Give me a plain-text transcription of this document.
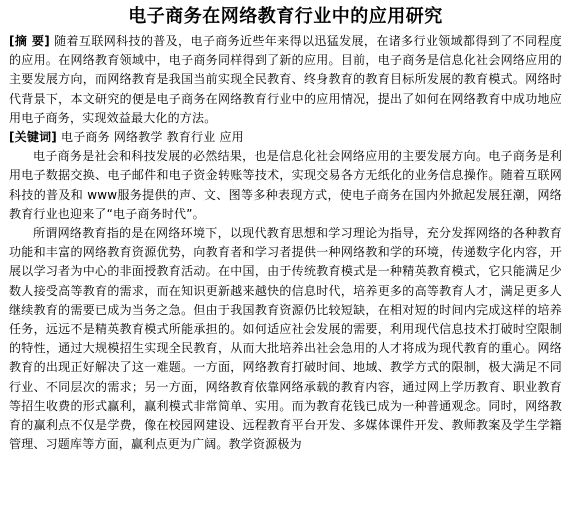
电子商务在网络教育行业中的应用研究

[摘 要] 随着互联网科技的普及，电子商务近些年来得以迅猛发展，在诸多行业领域都得到了不同程度的应用。在网络教育领域中，电子商务同样得到了新的应用。目前，电子商务是信息化社会网络应用的主要发展方向，而网络教育是我国当前实现全民教育、终身教育的教育目标所发展的教育模式。网络时代背景下，本文研究的便是电子商务在网络教育行业中的应用情况，提出了如何在网络教育中成功地应用电子商务，实现效益最大化的方法。

[关键词] 电子商务 网络教学 教育行业 应用

电子商务是社会和科技发展的必然结果，也是信息化社会网络应用的主要发展方向。电子商务是利用电子数据交换、电子邮件和电子资金转账等技术，实现交易各方无纸化的业务信息操作。随着互联网科技的普及和 www服务提供的声、文、图等多种表现方式，使电子商务在国内外掀起发展狂潮，网络教育行业也迎来了“电子商务时代”。

所谓网络教育指的是在网络环境下，以现代教育思想和学习理论为指导，充分发挥网络的各种教育功能和丰富的网络教育资源优势，向教育者和学习者提供一种网络教和学的环境，传递数字化内容，开展以学习者为中心的非面授教育活动。在中国，由于传统教育模式是一种精英教育模式，它只能满足少数人接受高等教育的需求，而在知识更新越来越快的信息时代，培养更多的高等教育人才，满足更多人继续教育的需要已成为当务之急。但由于我国教育资源仍比较短缺，在相对短的时间内完成这样的培养任务，远远不是精英教育模式所能承担的。如何适应社会发展的需要，利用现代信息技术打破时空限制的特性，通过大规模招生实现全民教育，从而大批培养出社会急用的人才将成为现代教育的重心。网络教育的出现正好解决了这一难题。一方面，网络教育打破时间、地域、教学方式的限制，极大满足不同行业、不同层次的需求；另一方面，网络教育依靠网络承载的教育内容，通过网上学历教育、职业教育等招生收费的形式赢利，赢利模式非常简单、实用。而为教育花钱已成为一种普通观念。同时，网络教育的赢利点不仅是学费，像在校园网建设、远程教育平台开发、多媒体课件开发、教师教案及学生学籍管理、习题库等方面，赢利点更为广阔。教学资源极为
